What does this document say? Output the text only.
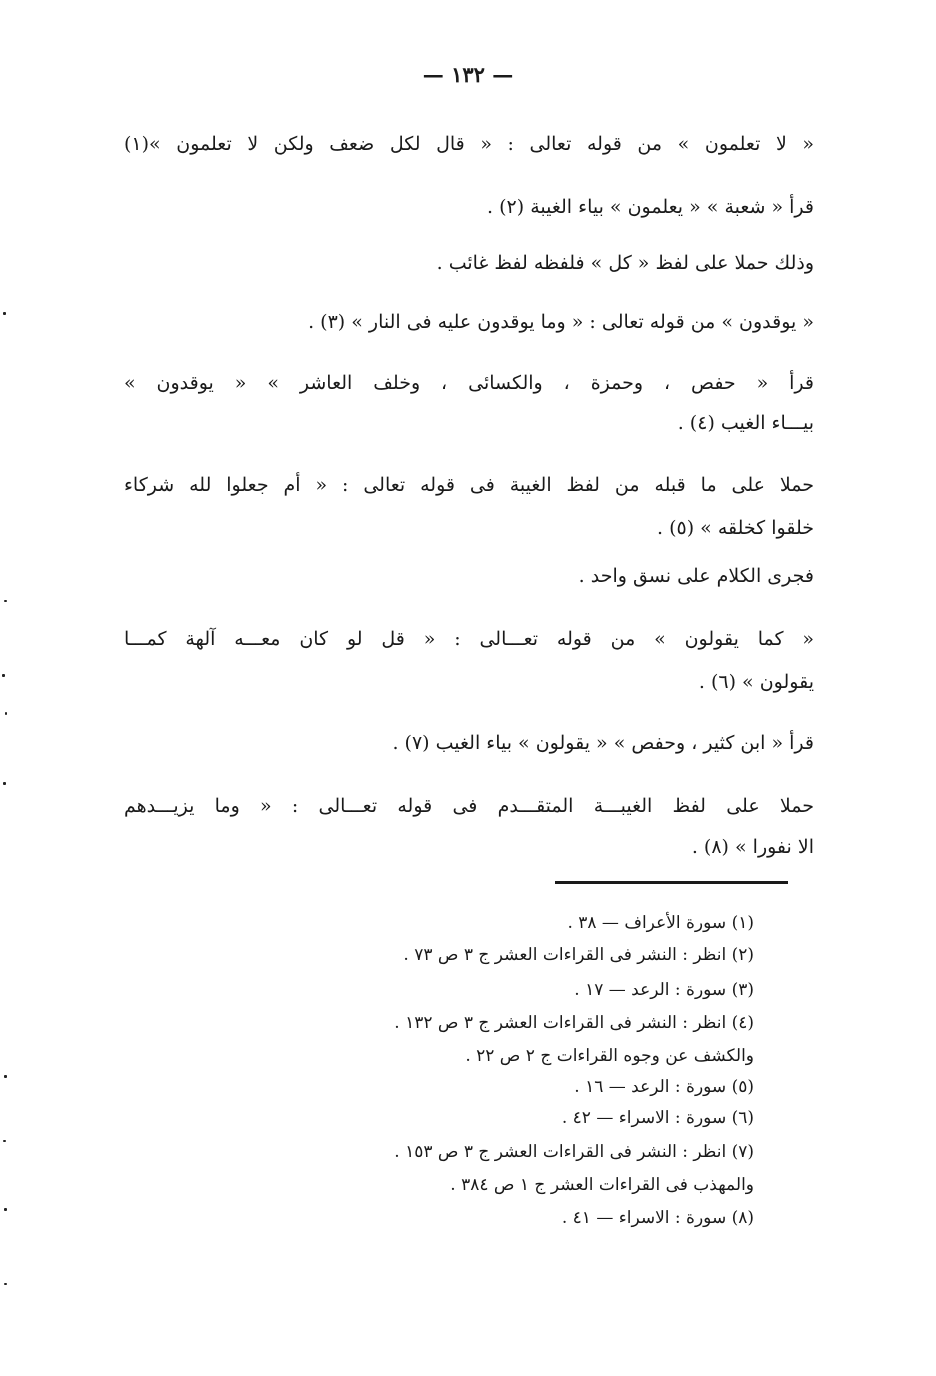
— ١٣٢ —
« لا تعلمون » من قوله تعالى : « قال لكل ضعف ولكن لا تعلمون »(١)
قرأ « شعبة » « يعلمون » بياء الغيبة (٢) .
وذلك حملا على لفظ « كل » فلفظه لفظ غائب .
« يوقدون » من قوله تعالى : « وما يوقدون عليه فى النار » (٣) .
قرأ « حفص ، وحمزة ، والكسائى ، وخلف العاشر » « يوقدون »
بيـــاء الغيب (٤) .
حملا على ما قبله من لفظ الغيبة فى قوله تعالى : « أم جعلوا لله شركاء
خلقوا كخلقه » (٥) .
فجرى الكلام على نسق واحد .
« كما يقولون » من قوله تعـــالى : « قل لو كان معـــه آلهة كمـــا
يقولون » (٦) .
قرأ « ابن كثير ، وحفص » « يقولون » بياء الغيب (٧) .
حملا على لفظ الغيبـــة المتقـــدم فى قوله تعـــالى : « وما يزيـــدهم
الا نفورا » (٨) .
(١) سورة الأعراف — ٣٨ .
(٢) انظر : النشر فى القراءات العشر ج ٣ ص ٧٣ .
(٣) سورة : الرعد — ١٧ .
(٤) انظر : النشر فى القراءات العشر ج ٣ ص ١٣٢ .
والكشف عن وجوه القراءات ج ٢ ص ٢٢ .
(٥) سورة : الرعد — ١٦ .
(٦) سورة : الاسراء — ٤٢ .
(٧) انظر : النشر فى القراءات العشر ج ٣ ص ١٥٣ .
والمهذب فى القراءات العشر ج ١ ص ٣٨٤ .
(٨) سورة : الاسراء — ٤١ .
